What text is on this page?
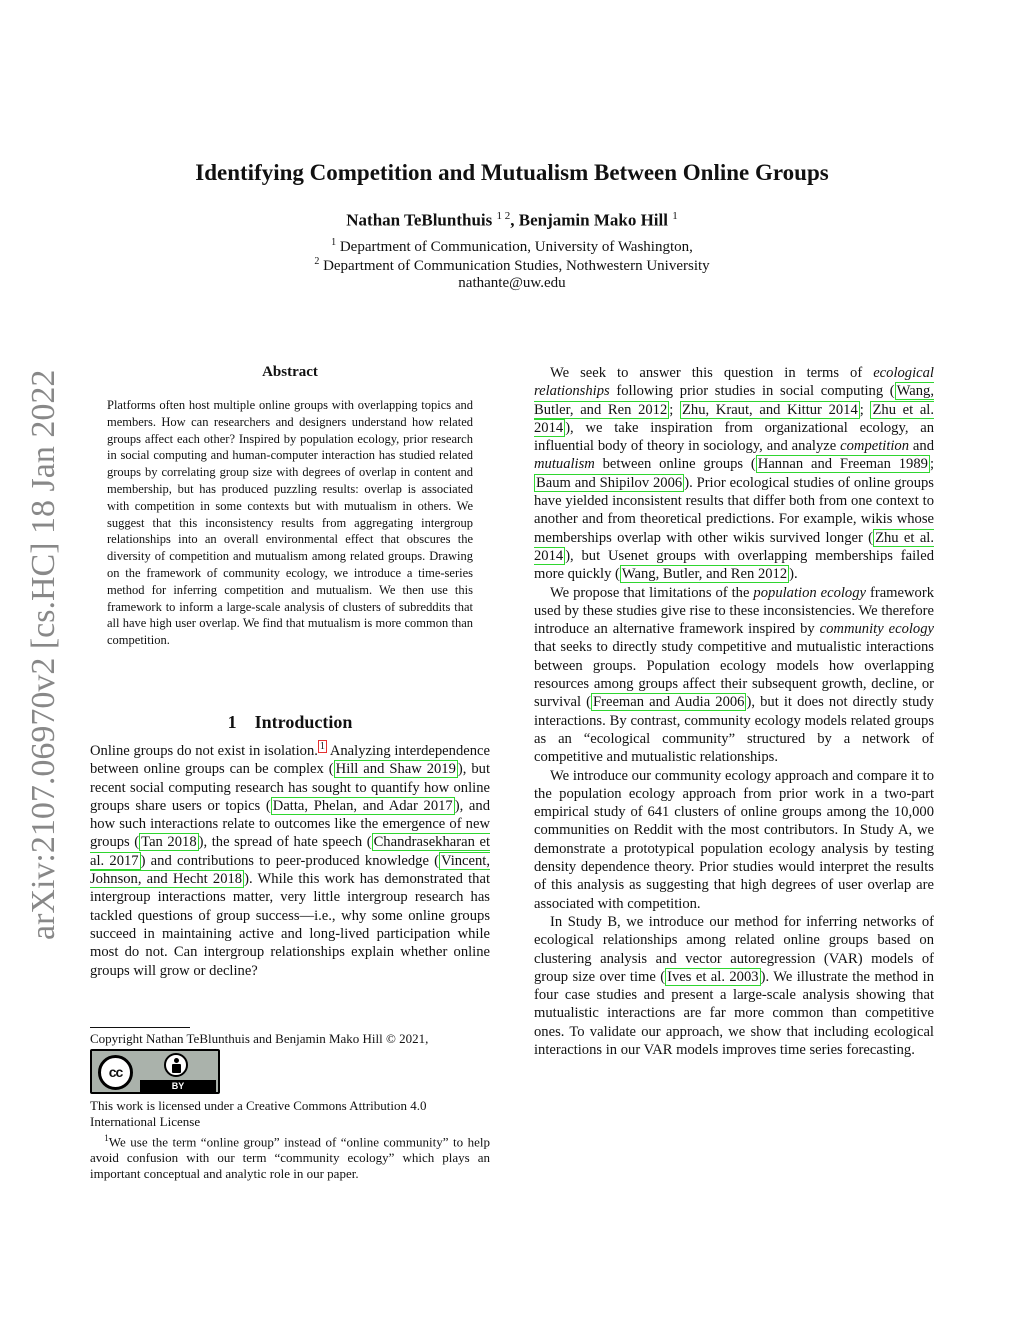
arXiv:2107.06970v2 [cs.HC] 18 Jan 2022
Identifying Competition and Mutualism Between Online Groups
Nathan TeBlunthuis $^{1 2}$, Benjamin Mako Hill $^1$
$^1$ Department of Communication, University of Washington,
$^2$ Department of Communication Studies, Nothwestern University
nathante@uw.edu
Abstract
Platforms often host multiple online groups with overlapping topics and members. How can researchers and designers understand how related groups affect each other? Inspired by population ecology, prior research in social computing and human-computer interaction has studied related groups by correlating group size with degrees of overlap in content and membership, but has produced puzzling results: overlap is associated with competition in some contexts but with mutualism in others. We suggest that this inconsistency results from aggregating intergroup relationships into an overall environmental effect that obscures the diversity of competition and mutualism among related groups. Drawing on the framework of community ecology, we introduce a time-series method for inferring competition and mutualism. We then use this framework to inform a large-scale analysis of clusters of subreddits that all have high user overlap. We find that mutualism is more common than competition.
1 Introduction

Online groups do not exist in isolation. $^1$ Analyzing interdependence between online groups can be complex ( Hill and Shaw 2019 ), but recent social computing research has sought to quantify how online groups share users or topics ( Datta, Phelan, and Adar 2017 ), and how such interactions relate to outcomes like the emergence of new groups ( Tan 2018 ), the spread of hate speech ( Chandrasekharan et al. 2017 ) and contributions to peer-produced knowledge ( Vincent, Johnson, and Hecht 2018 ). While this work has demonstrated that intergroup interactions matter, very little intergroup research has tackled questions of group success—i.e., why some online groups succeed in maintaining active and long-lived participation while most do not. Can intergroup relationships explain whether online groups will grow or decline?

Copyright Nathan TeBlunthuis and Benjamin Mako Hill © 2021,
cc
BY
This work is licensed under a Creative Commons Attribution 4.0 International License
$^1$We use the term “online group” instead of “online community” to help avoid confusion with our term “community ecology” which plays an important conceptual and analytic role in our paper.

We seek to answer this question in terms of ecological relationships following prior studies in social computing ( Wang, Butler, and Ren 2012 ; Zhu, Kraut, and Kittur 2014 ; Zhu et al. 2014 ), we take inspiration from organizational ecology, an influential body of theory in sociology, and analyze competition and mutualism between online groups ( Hannan and Freeman 1989 ; Baum and Shipilov 2006 ). Prior ecological studies of online groups have yielded inconsistent results that differ both from one context to another and from theoretical predictions. For example, wikis whose memberships overlap with other wikis survived longer ( Zhu et al. 2014 ), but Usenet groups with overlapping memberships failed more quickly ( Wang, Butler, and Ren 2012 ).

We propose that limitations of the population ecology framework used by these studies give rise to these inconsistencies. We therefore introduce an alternative framework inspired by community ecology that seeks to directly study competitive and mutualistic interactions between groups. Population ecology models how overlapping resources among groups affect their subsequent growth, decline, or survival ( Freeman and Audia 2006 ), but it does not directly study interactions. By contrast, community ecology models related groups as an “ecological community” structured by a network of competitive and mutualistic relationships.

We introduce our community ecology approach and compare it to the population ecology approach from prior work in a two-part empirical study of 641 clusters of online groups among the 10,000 communities on Reddit with the most contributors. In Study A, we demonstrate a prototypical population ecology analysis by testing density dependence theory. Prior studies would interpret the results of this analysis as suggesting that high degrees of user overlap are associated with competition.

In Study B, we introduce our method for inferring networks of ecological relationships among related online groups based on clustering analysis and vector autoregression (VAR) models of group size over time ( Ives et al. 2003 ). We illustrate the method in four case studies and present a large-scale analysis showing that mutualistic interactions are far more common than competitive ones. To validate our approach, we show that including ecological interactions in our VAR models improves time series forecasting.
